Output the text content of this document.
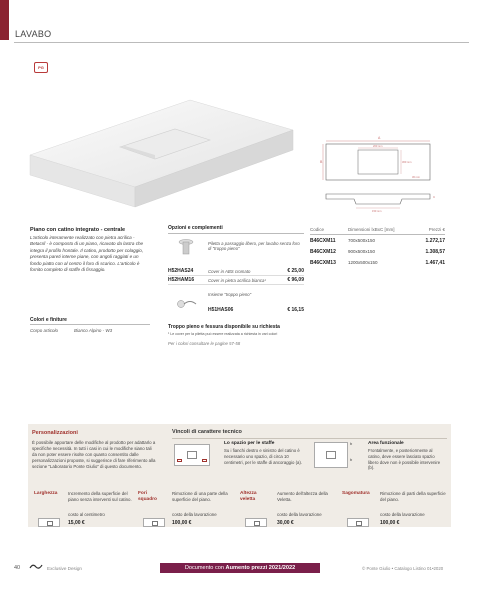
LAVABO
PG
A
B
200 mm
300 mm
30 mm
150 mm
C
Piano con catino integrato - centrale
L'articolo interamente realizzato con pietra acrilica - Betacril - è composto di un piano, ricavato da lastra che integra il profilo frontale. Il catino, prodotto per colaggio, presenta pareti interne piane, con angoli raggiati e un fondo piatto con al centro il foro di scarico. L'articolo è fornito completo di staffe di fissaggio.
Colori e finiture
Corpo articolo	Bianco Alpino - W3
Opzioni e complementi
Piletta a passaggio libero, per lavabo senza foro di "troppo pieno"
H52HAS24	Cover in ABS cromato	€ 25,00
H52HAM16	Cover in pietra acrilica bianca¹	€ 96,09
Insieme "troppo pieno"
H51HAS06	€ 16,15
Troppo pieno e fessura disponibile su richiesta
¹ Le cover per la piletta può essere realizzata a richiesta in vari colori
Per i colori consultare le pagine 57-58
Codice	Dimensioni lxBxC [mm]	Prezzi €
B46CXM11	700x500x150	1.272,17
B46CXM12	900x500x150	1.308,57
B46CXM13	1200x500x150	1.467,41
Personalizzazioni
È possibile apportare delle modifiche al prodotto per adattarlo a specifiche necessità. In tutti i casi in cui le modifiche siano tali da non poter essere risolte con quanto consentito dalle personalizzazioni proposte, si suggerisce di fare riferimento alla sezione "Laboratorio Ponte Giulio" di questo documento.
Vincoli di carattere tecnico
Lo spazio per le staffe
Su i fianchi destro e sinistro del catino è necessario uno spazio, di circa 10 centimetri, per le staffe di ancoraggio (a).
b
b
Area funzionale
Frontalmente, e posteriormente al catino, deve essere lasciato spazio libero dove non è possibile intervenire (b).
Larghezza	Incremento della superficie del piano senza interventi sul catino.
costo al centimetro
15,00 €
Fori squadro
Rimozione di una parte della superficie del piano.
costo della lavorazione
100,00 €
Altezza veletta
Aumento dell'altezza della Veletta.
costo della lavorazione
30,00 €
Sagomatura	Rimozione di parti della superficie del piano.
costo della lavorazione
100,00 €
40	Exclusive Design	Documento con Aumento prezzi 2021/2022	© Ponte Giulio • Catalogo Listino 01•2020
